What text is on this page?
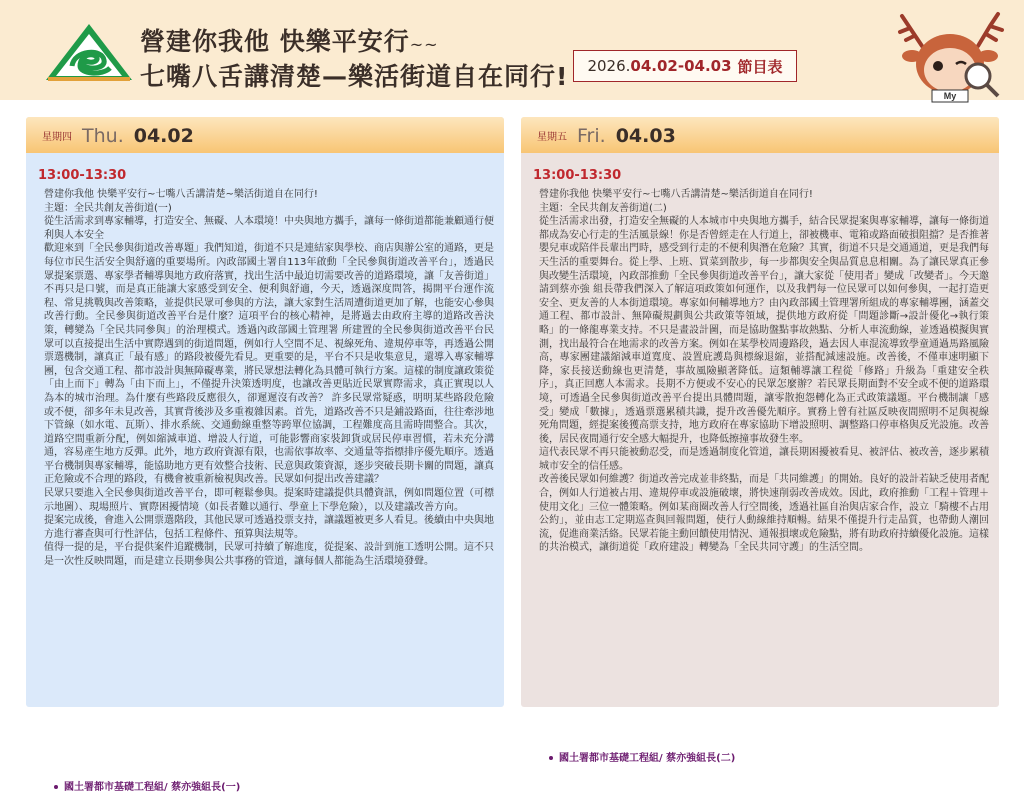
營建你我他 快樂平安行~~
七嘴八舌講清楚—樂活街道自在同行! 2026.04.02-04.03 節目表
My
星期四 Thu. 04.02
13:00-13:30

營建你我他 快樂平安行~七嘴八舌講清楚~樂活街道自在同行!

主題：全民共創友善街道(一)

從生活需求到專家輔導，打造安全、無礙、人本環境！中央與地方攜手，讓每一條街道都能兼顧通行便利與人本安全

歡迎來到「全民參與街道改善專題」我們知道，街道不只是連結家與學校、商店與辦公室的通路，更是每位市民生活安全與舒適的重要場所。內政部國土署自113年啟動「全民參與街道改善平台」，透過民眾提案票選、專家學者輔導與地方政府落實，找出生活中最迫切需要改善的道路環境，讓「友善街道」不再只是口號，而是真正能讓大家感受到安全、便利與舒適，今天，透過深度問答，揭開平台運作流程、常見挑戰與改善策略，並提供民眾可參與的方法，讓大家對生活周遭街道更加了解，也能安心參與改善行動。全民參與街道改善平台是什麼？這項平台的核心精神，是將過去由政府主導的道路改善決策，轉變為「全民共同參與」的治理模式。透過內政部國土管理署 所建置的全民參與街道改善平台民眾可以直接提出生活中實際遇到的街道問題，例如行人空間不足、視線死角、違規停車等，再透過公開票選機制，讓真正「最有感」的路段被優先看見。更重要的是，平台不只是收集意見，還導入專家輔導團，包含交通工程、都市設計與無障礙專業，將民眾想法轉化為具體可執行方案。這樣的制度讓政策從「由上而下」轉為「由下而上」，不僅提升決策透明度，也讓改善更貼近民眾實際需求，真正實現以人為本的城市治理。為什麼有些路段反應很久，卻遲遲沒有改善？ 許多民眾常疑惑，明明某些路段危險或不便，卻多年未見改善，其實背後涉及多重複雜因素。首先，道路改善不只是鋪設路面，往往牽涉地下管線（如水電、瓦斯）、排水系統、交通動線重整等跨單位協調，工程難度高且需時間整合。其次，道路空間重新分配，例如縮減車道、增設人行道，可能影響商家裝卸貨或居民停車習慣，若未充分溝通，容易產生地方反彈。此外，地方政府資源有限，也需依事故率、交通量等指標排序優先順序。透過平台機制與專家輔導，能協助地方更有效整合技術、民意與政策資源，逐步突破長期卡關的問題，讓真正危險或不合理的路段，有機會被重新檢視與改善。民眾如何提出改善建議？

民眾只要進入全民參與街道改善平台，即可輕鬆參與。提案時建議提供具體資訊，例如問題位置（可標示地圖）、現場照片、實際困擾情境（如長者難以通行、學童上下學危險），以及建議改善方向。

提案完成後，會進入公開票選階段，其他民眾可透過投票支持，讓議題被更多人看見。後續由中央與地方進行審查與可行性評估，包括工程條件、預算與法規等。

值得一提的是，平台提供案件追蹤機制，民眾可持續了解進度，從提案、設計到施工透明公開。這不只是一次性反映問題，而是建立長期參與公共事務的管道，讓每個人都能為生活環境發聲。

國土署都市基礎工程組/ 蔡亦強組長(一)
星期五 Fri. 04.03
13:00-13:30

營建你我他 快樂平安行~七嘴八舌講清楚~樂活街道自在同行!

主題：全民共創友善街道(二)

從生活需求出發，打造安全無礙的人本城市中央與地方攜手，結合民眾提案與專家輔導，讓每一條街道都成為安心行走的生活風景線！你是否曾經走在人行道上，卻被機車、電箱或路面破損阻擋？是否推著嬰兒車或陪伴長輩出門時，感受到行走的不便利與潛在危險？其實，街道不只是交通通道，更是我們每天生活的重要舞台。從上學、上班、買菜到散步，每一步都與安全與品質息息相關。為了讓民眾真正參與改變生活環境，內政部推動「全民參與街道改善平台」，讓大家從「使用者」變成「改變者」。今天邀請到蔡亦強 組長帶我們深入了解這項政策如何運作，以及我們每一位民眾可以如何參與，一起打造更安全、更友善的人本街道環境。專家如何輔導地方？由內政部國土管理署所組成的專家輔導團，涵蓋交通工程、都市設計、無障礙規劃與公共政策等領域，提供地方政府從「問題診斷→設計優化→執行策略」的一條龍專業支持。不只是畫設計圖，而是協助盤點事故熱點、分析人車流動線，並透過模擬與實測，找出最符合在地需求的改善方案。例如在某學校周邊路段，過去因人車混流導致學童通過馬路風險高，專家團建議縮減車道寬度、設置庇護島與標線退縮，並搭配減速設施。改善後，不僅車速明顯下降，家長接送動線也更清楚，事故風險顯著降低。這類輔導讓工程從「修路」升級為「重建安全秩序」，真正回應人本需求。長期不方便或不安心的民眾怎麼辦？若民眾長期面對不安全或不便的道路環境，可透過全民參與街道改善平台提出具體問題，讓零散抱怨轉化為正式政策議題。平台機制讓「感受」變成「數據」，透過票選累積共識，提升改善優先順序。實務上曾有社區反映夜間照明不足與視線死角問題，經提案後獲高票支持，地方政府在專家協助下增設照明、調整路口停車格與反光設施。改善後，居民夜間通行安全感大幅提升，也降低擦撞事故發生率。

這代表民眾不再只能被動忍受，而是透過制度化管道，讓長期困擾被看見、被評估、被改善，逐步累積城市安全的信任感。

改善後民眾如何維護？街道改善完成並非終點，而是「共同維護」的開始。良好的設計若缺乏使用者配合，例如人行道被占用、違規停車或設施破壞，將快速削弱改善成效。因此，政府推動「工程＋管理＋使用文化」三位一體策略。例如某商圈改善人行空間後，透過社區自治與店家合作，設立「騎樓不占用公約」，並由志工定期巡查與回報問題，使行人動線維持順暢。結果不僅提升行走品質，也帶動人潮回流，促進商業活絡。民眾若能主動回饋使用情況、通報損壞或危險點，將有助政府持續優化設施。這樣的共治模式，讓街道從「政府建設」轉變為「全民共同守護」的生活空間。

國土署都市基礎工程組/ 蔡亦強組長(二)
